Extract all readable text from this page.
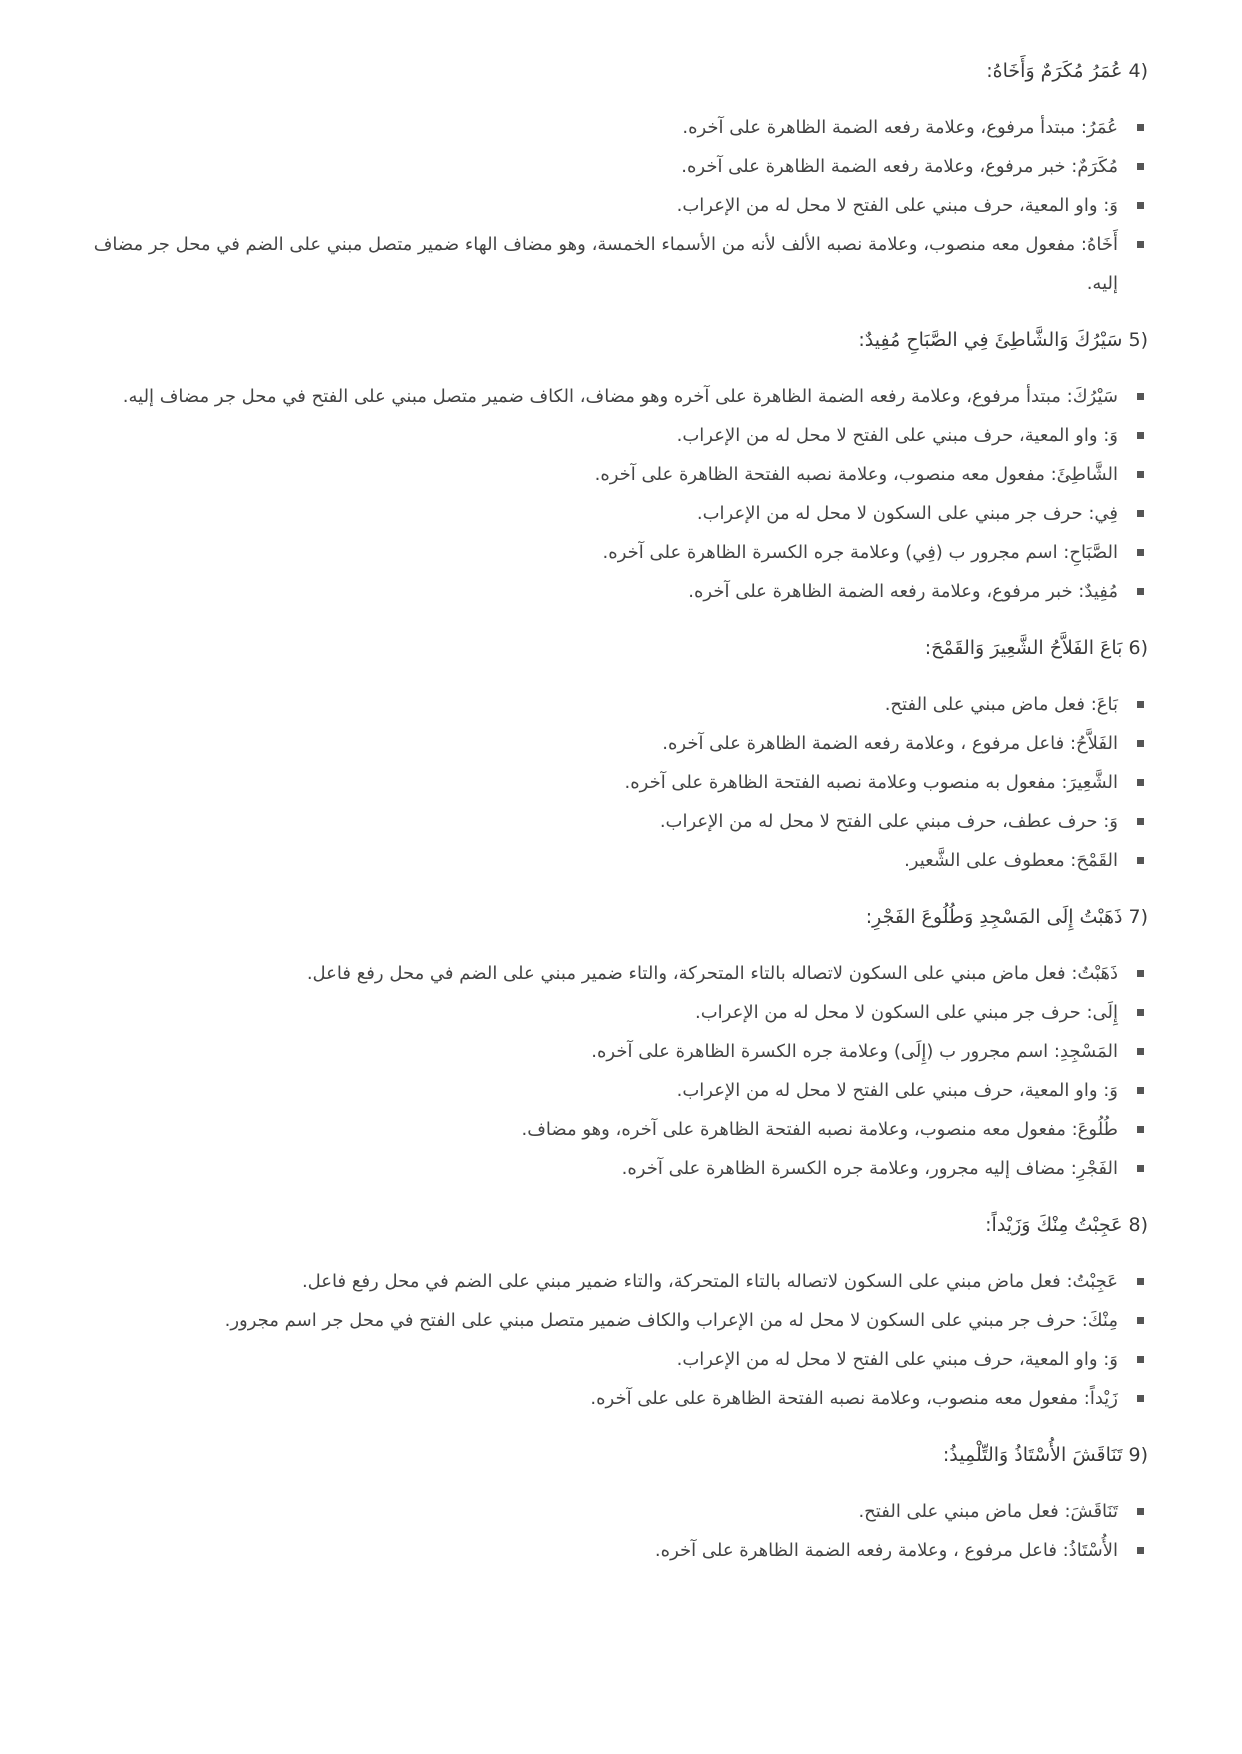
4) عُمَرُ مُكَرَمٌ وَأَخَاهُ:
عُمَرُ: مبتدأ مرفوع، وعلامة رفعه الضمة الظاهرة على آخره.
مُكَرَمٌ: خبر مرفوع، وعلامة رفعه الضمة الظاهرة على آخره.
وَ: واو المعية، حرف مبني على الفتح لا محل له من الإعراب.
أَخَاهُ: مفعول معه منصوب، وعلامة نصبه الألف لأنه من الأسماء الخمسة، وهو مضاف الهاء ضمير متصل مبني على الضم في محل جر مضاف إليه.
5) سَيْرُكَ وَالشَّاطِئَ فِي الصَّبَاحِ مُفِيدٌ:
سَيْرُكَ: مبتدأ مرفوع، وعلامة رفعه الضمة الظاهرة على آخره وهو مضاف، الكاف ضمير متصل مبني على الفتح في محل جر مضاف إليه.
وَ: واو المعية، حرف مبني على الفتح لا محل له من الإعراب.
الشَّاطِئَ: مفعول معه منصوب، وعلامة نصبه الفتحة الظاهرة على آخره.
فِي: حرف جر مبني على السكون لا محل له من الإعراب.
الصَّبَاحِ: اسم مجرور ب (فِي) وعلامة جره الكسرة الظاهرة على آخره.
مُفِيدٌ: خبر مرفوع، وعلامة رفعه الضمة الظاهرة على آخره.
6) بَاعَ الفَلاَّحُ الشَّعِيرَ وَالقَمْحَ:
بَاعَ: فعل ماض مبني على الفتح.
الفَلاَّحُ: فاعل مرفوع ، وعلامة رفعه الضمة الظاهرة على آخره.
الشَّعِيرَ: مفعول به منصوب وعلامة نصبه الفتحة الظاهرة على آخره.
وَ: حرف عطف، حرف مبني على الفتح لا محل له من الإعراب.
القَمْحَ: معطوف على الشَّعير.
7) ذَهَبْتُ إِلَى المَسْجِدِ وَطُلُوعَ الفَجْرِ:
ذَهَبْتُ: فعل ماض مبني على السكون لاتصاله بالتاء المتحركة، والتاء ضمير مبني على الضم في محل رفع فاعل.
إِلَى: حرف جر مبني على السكون لا محل له من الإعراب.
المَسْجِدِ: اسم مجرور ب (إِلَى) وعلامة جره الكسرة الظاهرة على آخره.
وَ: واو المعية، حرف مبني على الفتح لا محل له من الإعراب.
طُلُوعَ: مفعول معه منصوب، وعلامة نصبه الفتحة الظاهرة على آخره، وهو مضاف.
الفَجْرِ: مضاف إليه مجرور، وعلامة جره الكسرة الظاهرة على آخره.
8) عَجِبْتُ مِنْكَ وَزَيْداً:
عَجِبْتُ: فعل ماض مبني على السكون لاتصاله بالتاء المتحركة، والتاء ضمير مبني على الضم في محل رفع فاعل.
مِنْكَ: حرف جر مبني على السكون لا محل له من الإعراب والكاف ضمير متصل مبني على الفتح في محل جر اسم مجرور.
وَ: واو المعية، حرف مبني على الفتح لا محل له من الإعراب.
زَيْداً: مفعول معه منصوب، وعلامة نصبه الفتحة الظاهرة على على آخره.
9) تَنَاقَشَ الأُسْتَاذُ وَالتِّلْمِيذُ:
تَنَاقَشَ: فعل ماض مبني على الفتح.
الأُسْتَاذُ: فاعل مرفوع ، وعلامة رفعه الضمة الظاهرة على آخره.
